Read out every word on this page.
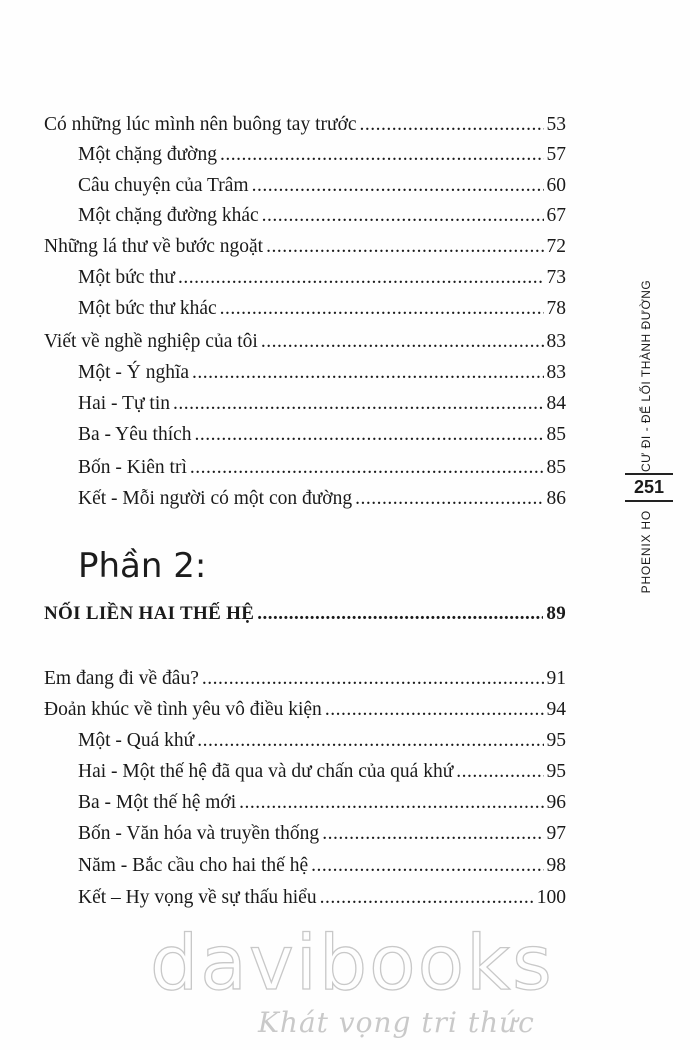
Có những lúc mình nên buông tay trước .....	53
Một chặng đường .....	57
Câu chuyện của Trâm .....	60
Một chặng đường khác .....	67
Những lá thư về bước ngoặt .....	72
Một bức thư .....	73
Một bức thư khác .....	78
Viết về nghề nghiệp của tôi .....	83
Một - Ý nghĩa .....	83
Hai - Tự tin .....	84
Ba - Yêu thích .....	85
Bốn - Kiên trì .....	85
Kết - Mỗi người có một con đường .....	86
Phần 2:
NỐI LIỀN HAI THẾ HỆ .....	89
Em đang đi về đâu? .....	91
Đoản khúc về tình yêu vô điều kiện .....	94
Một - Quá khứ .....	95
Hai - Một thế hệ đã qua và dư chấn của quá khứ .....	95
Ba - Một thế hệ mới .....	96
Bốn - Văn hóa và truyền thống .....	97
Năm - Bắc cầu cho hai thế hệ .....	98
Kết – Hy vọng về sự thấu hiểu .....	100
CƯ ĐI - ĐỂ LỐI THÀNH ĐƯỜNG
251
PHOENIX HO
davibooks
Khát vọng tri thức
